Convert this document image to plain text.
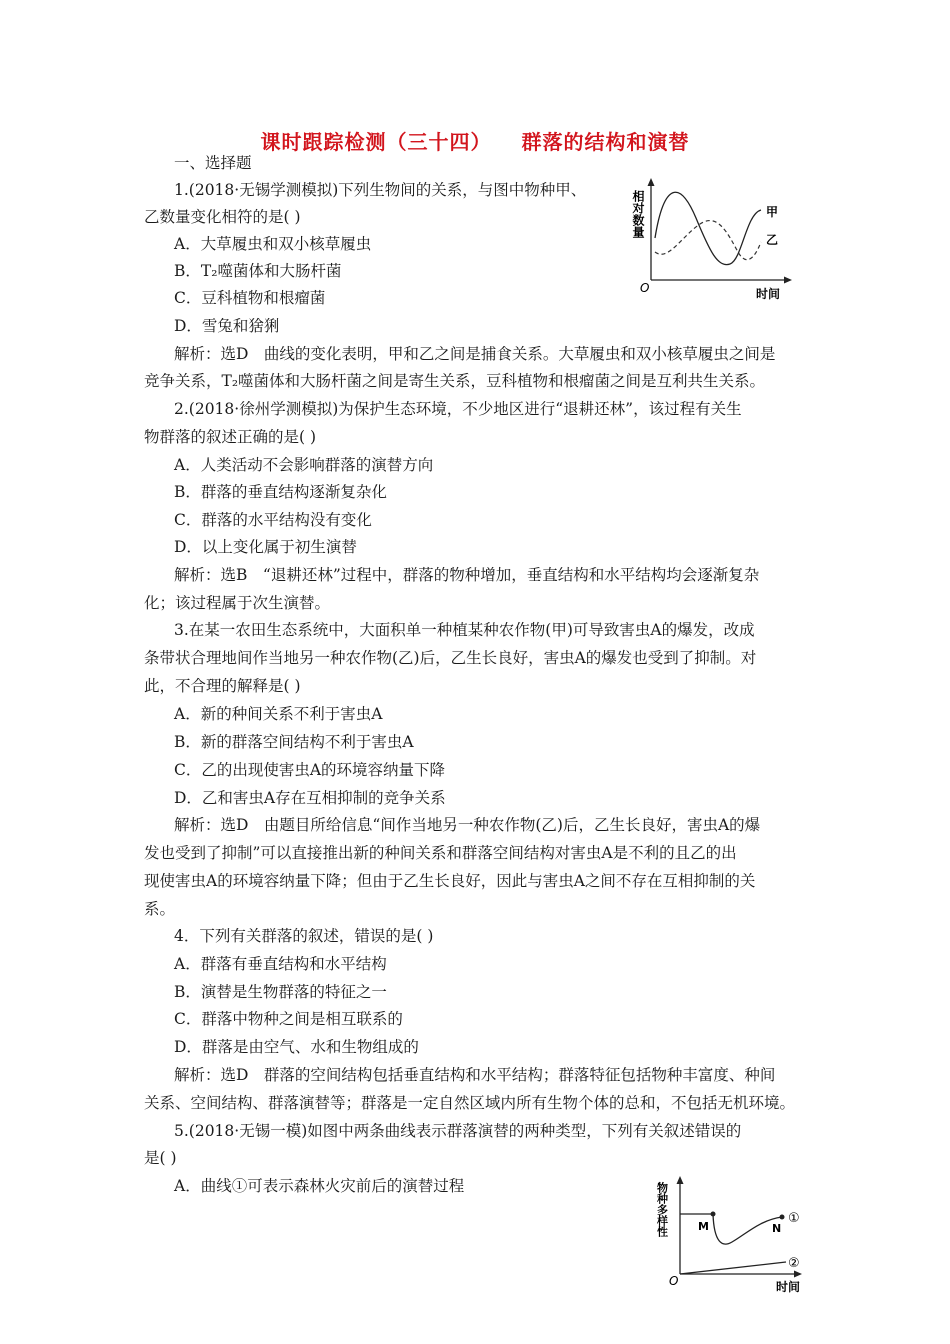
课时跟踪检测（三十四） 群落的结构和演替
一、选择题
1.(2018·无锡学测模拟)下列生物间的关系，与图中物种甲、
乙数量变化相符的是( )
A．大草履虫和双小核草履虫
B．T₂噬菌体和大肠杆菌
C．豆科植物和根瘤菌
D．雪兔和猞猁
解析：选D　曲线的变化表明，甲和乙之间是捕食关系。大草履虫和双小核草履虫之间是
竞争关系，T₂噬菌体和大肠杆菌之间是寄生关系，豆科植物和根瘤菌之间是互利共生关系。
相对数量
时间
O
甲
乙
2.(2018·徐州学测模拟)为保护生态环境，不少地区进行“退耕还林”，该过程有关生
物群落的叙述正确的是( )
A．人类活动不会影响群落的演替方向
B．群落的垂直结构逐渐复杂化
C．群落的水平结构没有变化
D．以上变化属于初生演替
解析：选B　“退耕还林”过程中，群落的物种增加，垂直结构和水平结构均会逐渐复杂
化；该过程属于次生演替。
3.在某一农田生态系统中，大面积单一种植某种农作物(甲)可导致害虫A的爆发，改成
条带状合理地间作当地另一种农作物(乙)后，乙生长良好，害虫A的爆发也受到了抑制。对
此，不合理的解释是( )
A．新的种间关系不利于害虫A
B．新的群落空间结构不利于害虫A
C．乙的出现使害虫A的环境容纳量下降
D．乙和害虫A存在互相抑制的竞争关系
解析：选D　由题目所给信息“间作当地另一种农作物(乙)后，乙生长良好，害虫A的爆
发也受到了抑制”可以直接推出新的种间关系和群落空间结构对害虫A是不利的且乙的出
现使害虫A的环境容纳量下降；但由于乙生长良好，因此与害虫A之间不存在互相抑制的关
系。
4．下列有关群落的叙述，错误的是( )
A．群落有垂直结构和水平结构
B．演替是生物群落的特征之一
C．群落中物种之间是相互联系的
D．群落是由空气、水和生物组成的
解析：选D　群落的空间结构包括垂直结构和水平结构；群落特征包括物种丰富度、种间
关系、空间结构、群落演替等；群落是一定自然区域内所有生物个体的总和，不包括无机环境。
5.(2018·无锡一模)如图中两条曲线表示群落演替的两种类型，下列有关叙述错误的
是( )
A．曲线①可表示森林火灾前后的演替过程	物种多样性
时间
O
M	N
①
②
